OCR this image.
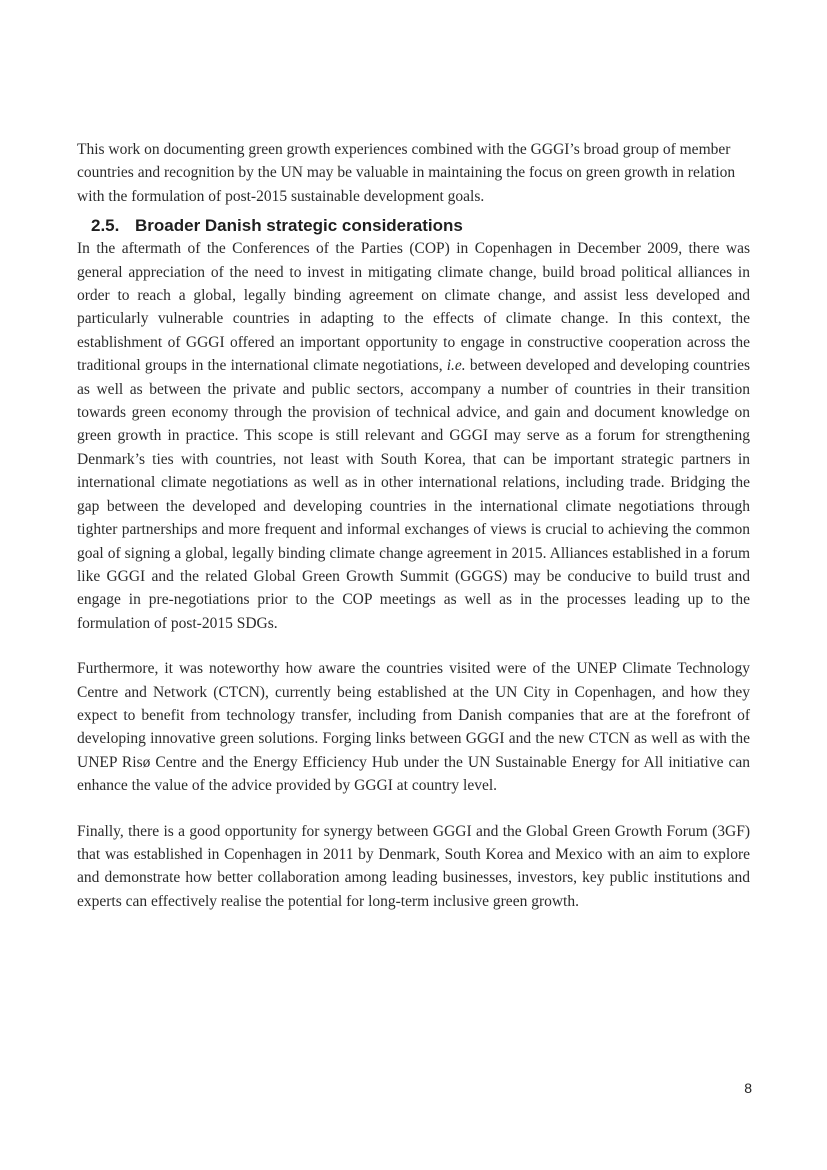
This work on documenting green growth experiences combined with the GGGI’s broad group of member countries and recognition by the UN may be valuable in maintaining the focus on green growth in relation with the formulation of post-2015 sustainable development goals.

2.5. Broader Danish strategic considerations

In the aftermath of the Conferences of the Parties (COP) in Copenhagen in December 2009, there was general appreciation of the need to invest in mitigating climate change, build broad political alliances in order to reach a global, legally binding agreement on climate change, and assist less developed and particularly vulnerable countries in adapting to the effects of climate change. In this context, the establishment of GGGI offered an important opportunity to engage in constructive cooperation across the traditional groups in the international climate negotiations, i.e. between developed and developing countries as well as between the private and public sectors, accompany a number of countries in their transition towards green economy through the provision of technical advice, and gain and document knowledge on green growth in practice. This scope is still relevant and GGGI may serve as a forum for strengthening Denmark’s ties with countries, not least with South Korea, that can be important strategic partners in international climate negotiations as well as in other international relations, including trade. Bridging the gap between the developed and developing countries in the international climate negotiations through tighter partnerships and more frequent and informal exchanges of views is crucial to achieving the common goal of signing a global, legally binding climate change agreement in 2015. Alliances established in a forum like GGGI and the related Global Green Growth Summit (GGGS) may be conducive to build trust and engage in pre-negotiations prior to the COP meetings as well as in the processes leading up to the formulation of post-2015 SDGs.

Furthermore, it was noteworthy how aware the countries visited were of the UNEP Climate Technology Centre and Network (CTCN), currently being established at the UN City in Copenhagen, and how they expect to benefit from technology transfer, including from Danish companies that are at the forefront of developing innovative green solutions. Forging links between GGGI and the new CTCN as well as with the UNEP Risø Centre and the Energy Efficiency Hub under the UN Sustainable Energy for All initiative can enhance the value of the advice provided by GGGI at country level.

Finally, there is a good opportunity for synergy between GGGI and the Global Green Growth Forum (3GF) that was established in Copenhagen in 2011 by Denmark, South Korea and Mexico with an aim to explore and demonstrate how better collaboration among leading businesses, investors, key public institutions and experts can effectively realise the potential for long-term inclusive green growth.

8
